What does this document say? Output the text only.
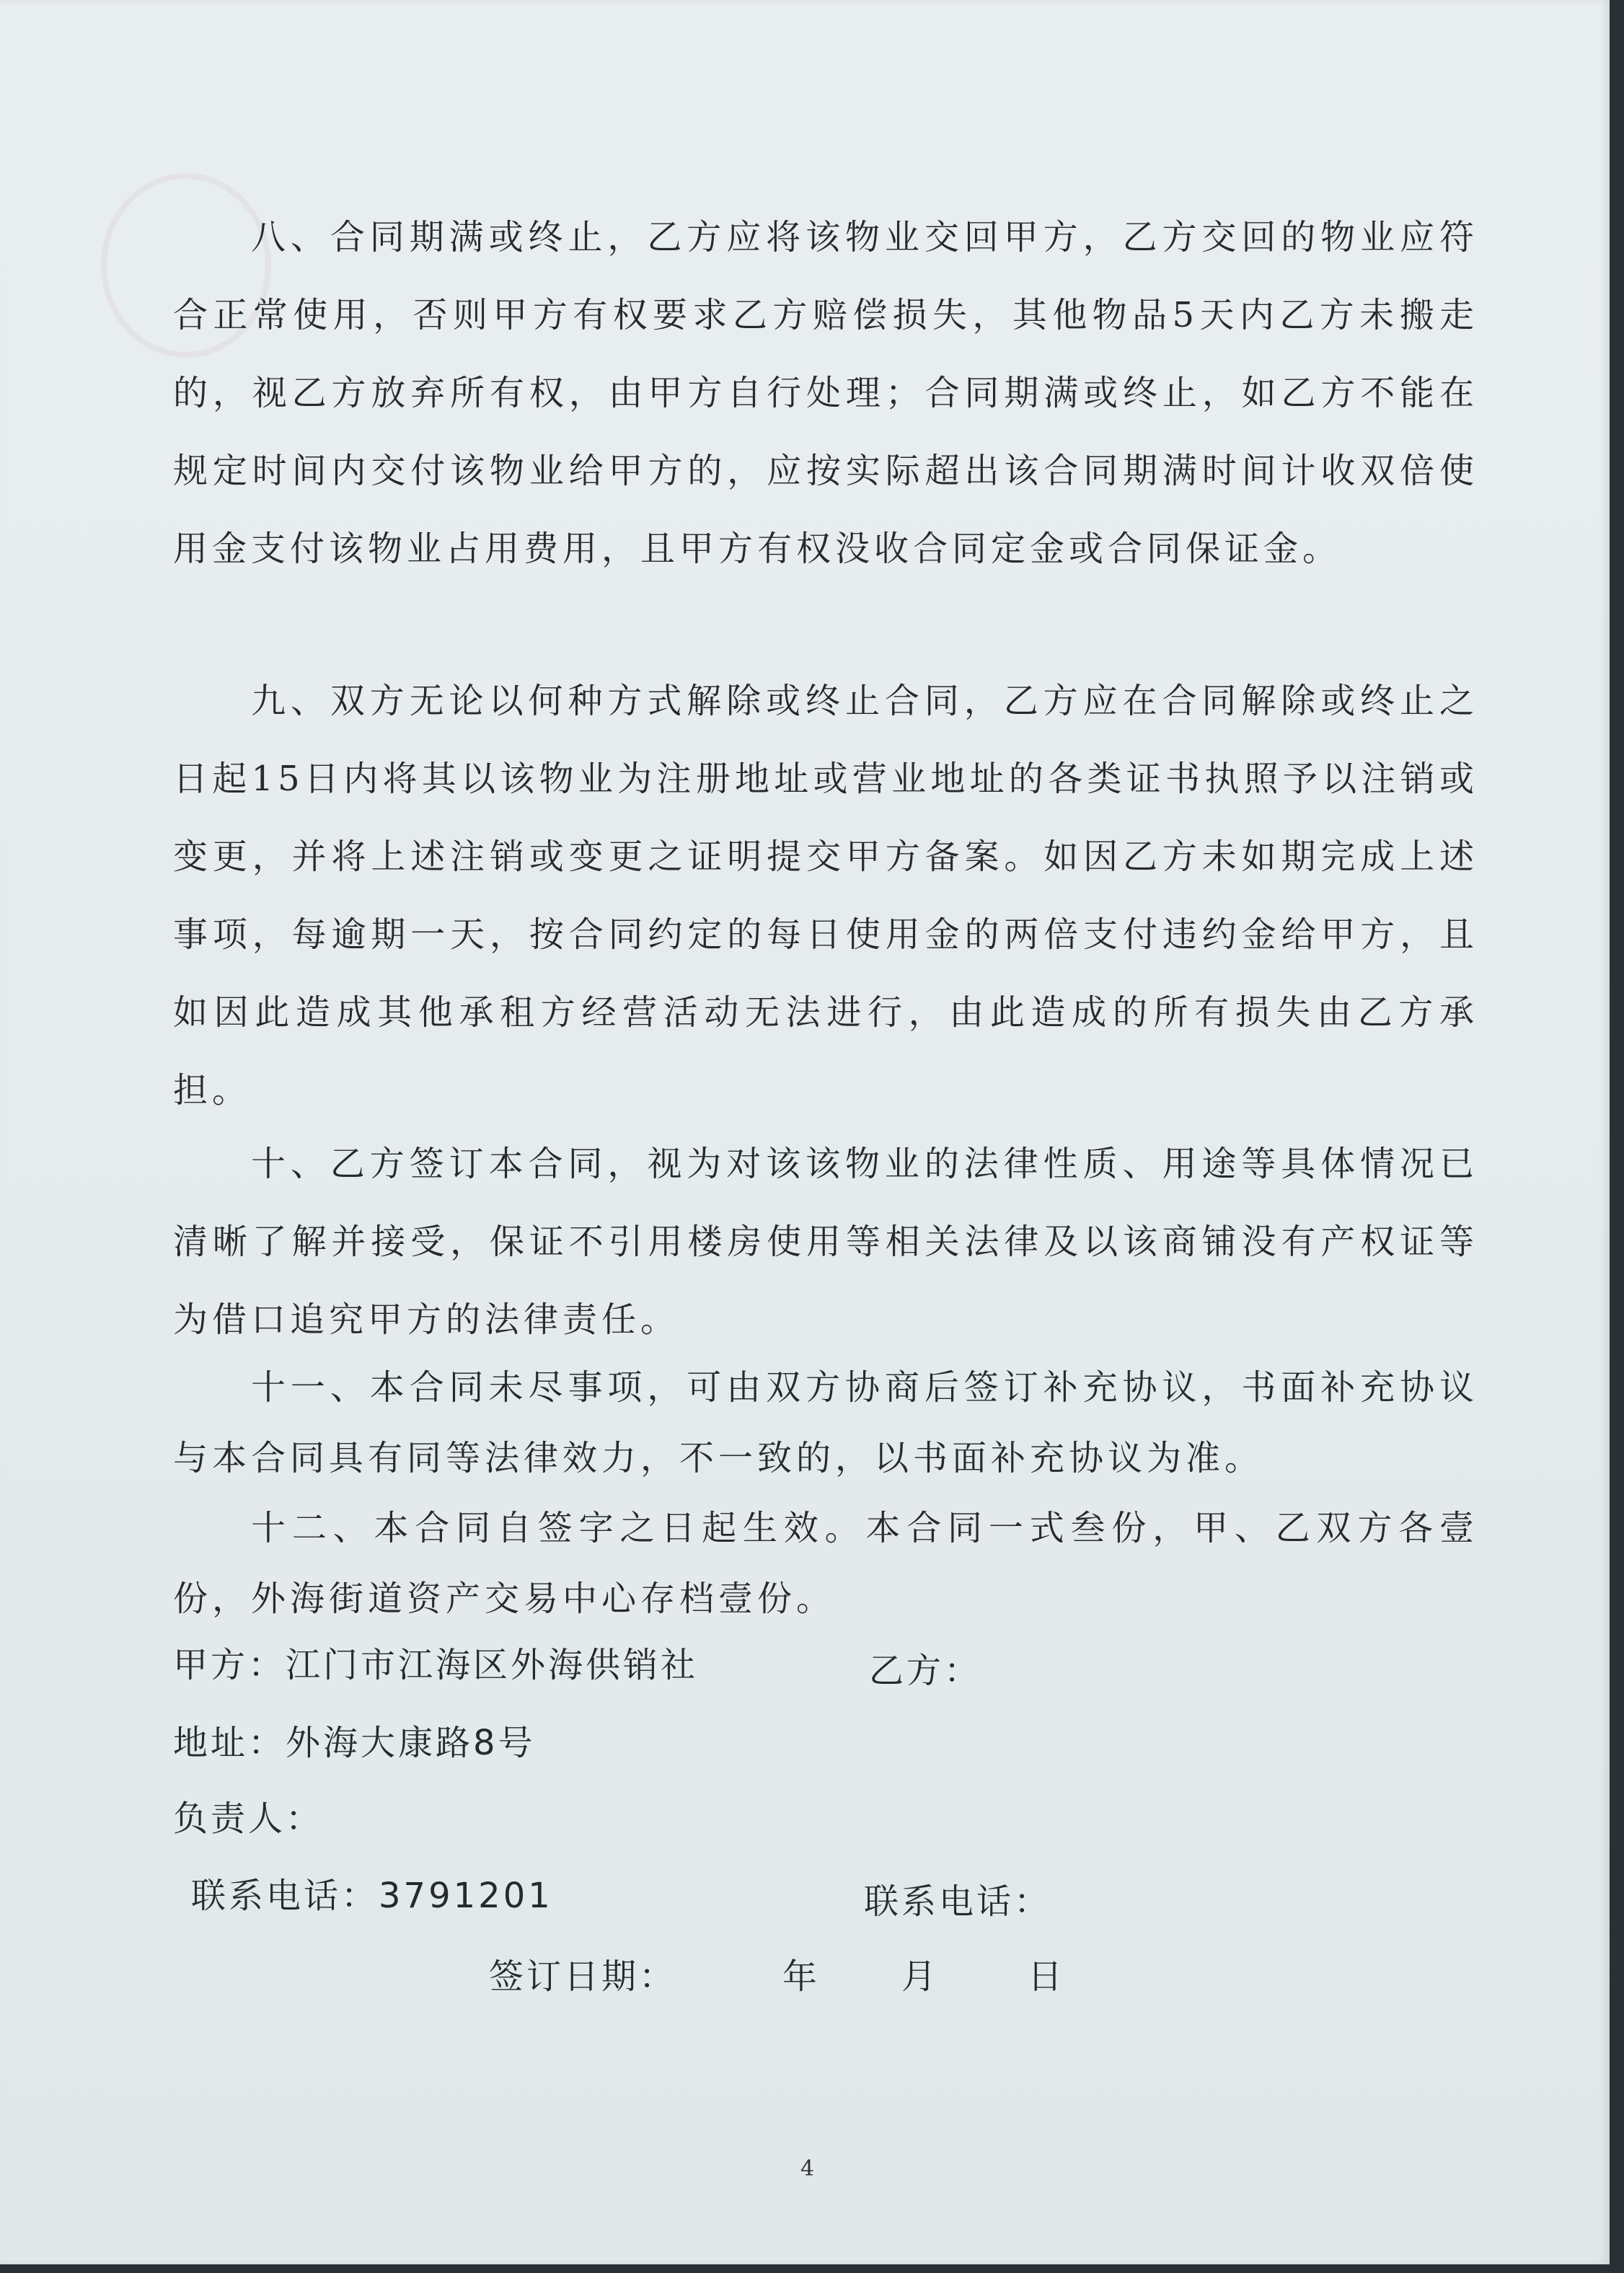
八、合同期满或终止，乙方应将该物业交回甲方，乙方交回的物业应符合正常使用，否则甲方有权要求乙方赔偿损失，其他物品5天内乙方未搬走的，视乙方放弃所有权，由甲方自行处理；合同期满或终止，如乙方不能在规定时间内交付该物业给甲方的，应按实际超出该合同期满时间计收双倍使用金支付该物业占用费用，且甲方有权没收合同定金或合同保证金。

九、双方无论以何种方式解除或终止合同，乙方应在合同解除或终止之日起15日内将其以该物业为注册地址或营业地址的各类证书执照予以注销或变更，并将上述注销或变更之证明提交甲方备案。如因乙方未如期完成上述事项，每逾期一天，按合同约定的每日使用金的两倍支付违约金给甲方，且如因此造成其他承租方经营活动无法进行，由此造成的所有损失由乙方承担。

十、乙方签订本合同，视为对该该物业的法律性质、用途等具体情况已清晰了解并接受，保证不引用楼房使用等相关法律及以该商铺没有产权证等为借口追究甲方的法律责任。

十一、本合同未尽事项，可由双方协商后签订补充协议，书面补充协议与本合同具有同等法律效力，不一致的，以书面补充协议为准。

十二、本合同自签字之日起生效。本合同一式叁份，甲、乙双方各壹份，外海街道资产交易中心存档壹份。

甲方：江门市江海区外海供销社	乙方：
地址：外海大康路8号
负责人：
联系电话：3791201	联系电话：
签订日期：	年 月	日
4
